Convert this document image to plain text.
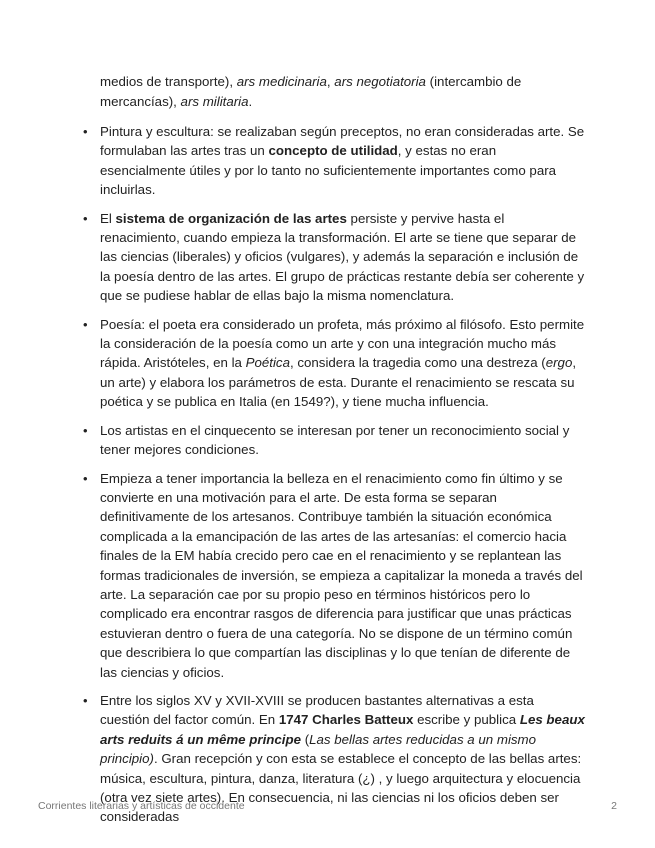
medios de transporte), ars medicinaria, ars negotiatoria (intercambio de mercancías), ars militaria.

• Pintura y escultura: se realizaban según preceptos, no eran consideradas arte. Se formulaban las artes tras un concepto de utilidad, y estas no eran esencialmente útiles y por lo tanto no suficientemente importantes como para incluirlas.
• El sistema de organización de las artes persiste y pervive hasta el renacimiento, cuando empieza la transformación. El arte se tiene que separar de las ciencias (liberales) y oficios (vulgares), y además la separación e inclusión de la poesía dentro de las artes. El grupo de prácticas restante debía ser coherente y que se pudiese hablar de ellas bajo la misma nomenclatura.
• Poesía: el poeta era considerado un profeta, más próximo al filósofo. Esto permite la consideración de la poesía como un arte y con una integración mucho más rápida. Aristóteles, en la Poética, considera la tragedia como una destreza (ergo, un arte) y elabora los parámetros de esta. Durante el renacimiento se rescata su poética y se publica en Italia (en 1549?), y tiene mucha influencia.
• Los artistas en el cinquecento se interesan por tener un reconocimiento social y tener mejores condiciones.
• Empieza a tener importancia la belleza en el renacimiento como fin último y se convierte en una motivación para el arte. De esta forma se separan definitivamente de los artesanos. Contribuye también la situación económica complicada a la emancipación de las artes de las artesanías: el comercio hacia finales de la EM había crecido pero cae en el renacimiento y se replantean las formas tradicionales de inversión, se empieza a capitalizar la moneda a través del arte. La separación cae por su propio peso en términos históricos pero lo complicado era encontrar rasgos de diferencia para justificar que unas prácticas estuvieran dentro o fuera de una categoría. No se dispone de un término común que describiera lo que compartían las disciplinas y lo que tenían de diferente de las ciencias y oficios.
• Entre los siglos XV y XVII-XVIII se producen bastantes alternativas a esta cuestión del factor común. En 1747 Charles Batteux escribe y publica Les beaux arts reduits á un même principe (Las bellas artes reducidas a un mismo principio). Gran recepción y con esta se establece el concepto de las bellas artes: música, escultura, pintura, danza, literatura (¿) , y luego arquitectura y elocuencia (otra vez siete artes). En consecuencia, ni las ciencias ni los oficios deben ser consideradas
Corrientes literarias y artísticas de occidente	2
